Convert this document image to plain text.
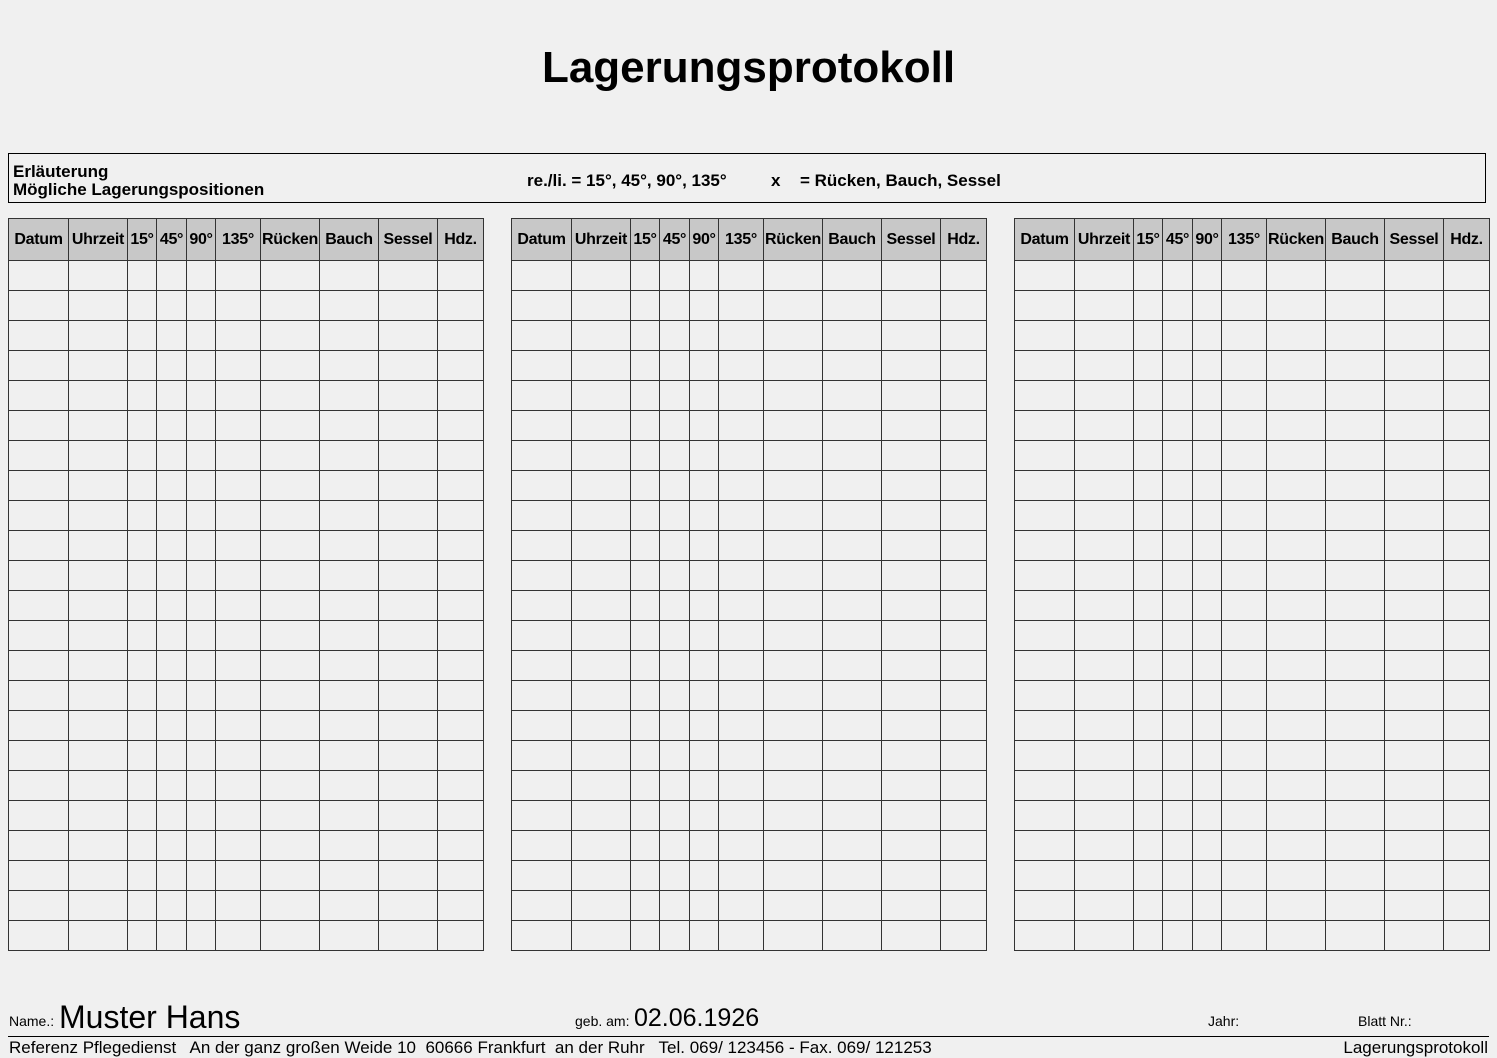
Lagerungsprotokoll
Erläuterung
Mögliche Lagerungspositionen	re./li. = 15°, 45°, 90°, 135°	x = Rücken, Bauch, Sessel
Datum	Uhrzeit	15°	45°	90°	135°	Rücken	Bauch	Sessel	Hdz.

										Datum	Uhrzeit	15°	45°	90°	135°	Rücken	Bauch	Sessel	Hdz.

										Datum	Uhrzeit	15°	45°	90°	135°	Rücken	Bauch	Sessel	Hdz.

Name.: Muster Hans	geb. am: 02.06.1926	Jahr:	Blatt Nr.:
Referenz Pflegedienst   An der ganz großen Weide 10  60666 Frankfurt  an der Ruhr   Tel. 069/ 123456 - Fax. 069/ 121253	Lagerungsprotokoll
